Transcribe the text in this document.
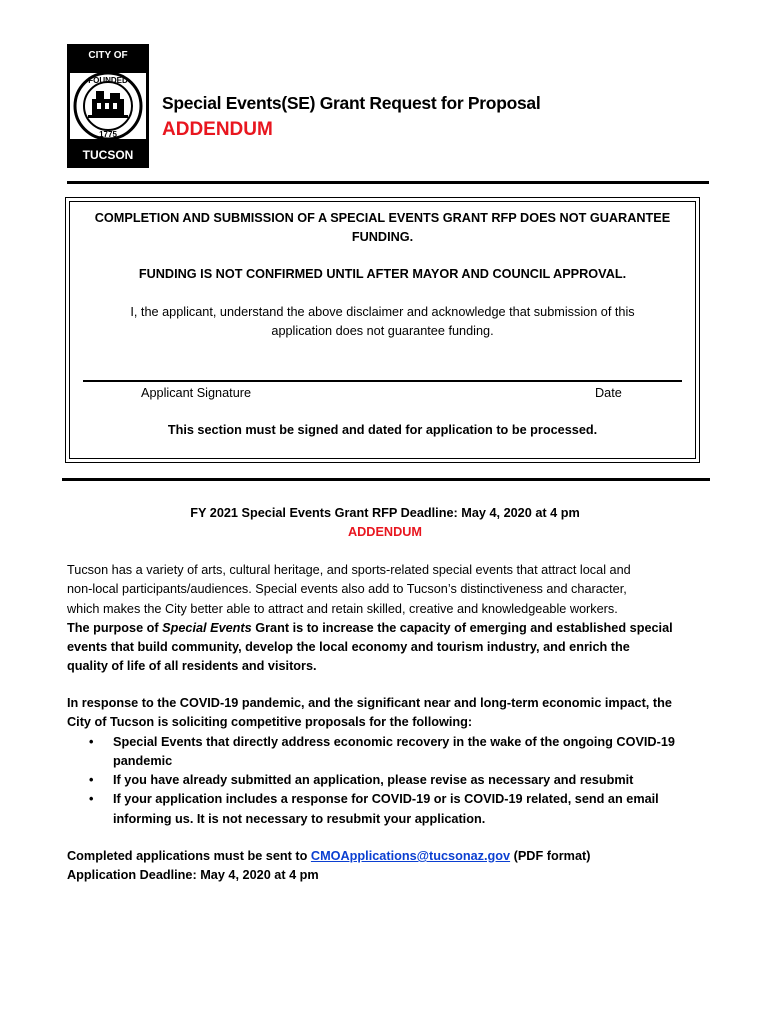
CITY OF
TUCSON
FOUNDED
1775
Special Events(SE) Grant Request for Proposal
ADDENDUM
COMPLETION AND SUBMISSION OF A SPECIAL EVENTS GRANT RFP DOES NOT GUARANTEE
FUNDING.
FUNDING IS NOT CONFIRMED UNTIL AFTER MAYOR AND COUNCIL APPROVAL.
I, the applicant, understand the above disclaimer and acknowledge that submission of this
application does not guarantee funding.
Applicant Signature	Date
This section must be signed and dated for application to be processed.
FY 2021 Special Events Grant RFP Deadline: May 4, 2020 at 4 pm
ADDENDUM
Tucson has a variety of arts, cultural heritage, and sports-related special events that attract local and
non-local participants/audiences. Special events also add to Tucson’s distinctiveness and character,
which makes the City better able to attract and retain skilled, creative and knowledgeable workers.
The purpose of Special Events Grant is to increase the capacity of emerging and established special
events that build community, develop the local economy and tourism industry, and enrich the
quality of life of all residents and visitors.
In response to the COVID-19 pandemic, and the significant near and long-term economic impact, the
City of Tucson is soliciting competitive proposals for the following:
• Special Events that directly address economic recovery in the wake of the ongoing COVID-19
pandemic
• If you have already submitted an application, please revise as necessary and resubmit
• If your application includes a response for COVID-19 or is COVID-19 related, send an email
informing us. It is not necessary to resubmit your application.
Completed applications must be sent to CMOApplications@tucsonaz.gov (PDF format)
Application Deadline: May 4, 2020 at 4 pm
